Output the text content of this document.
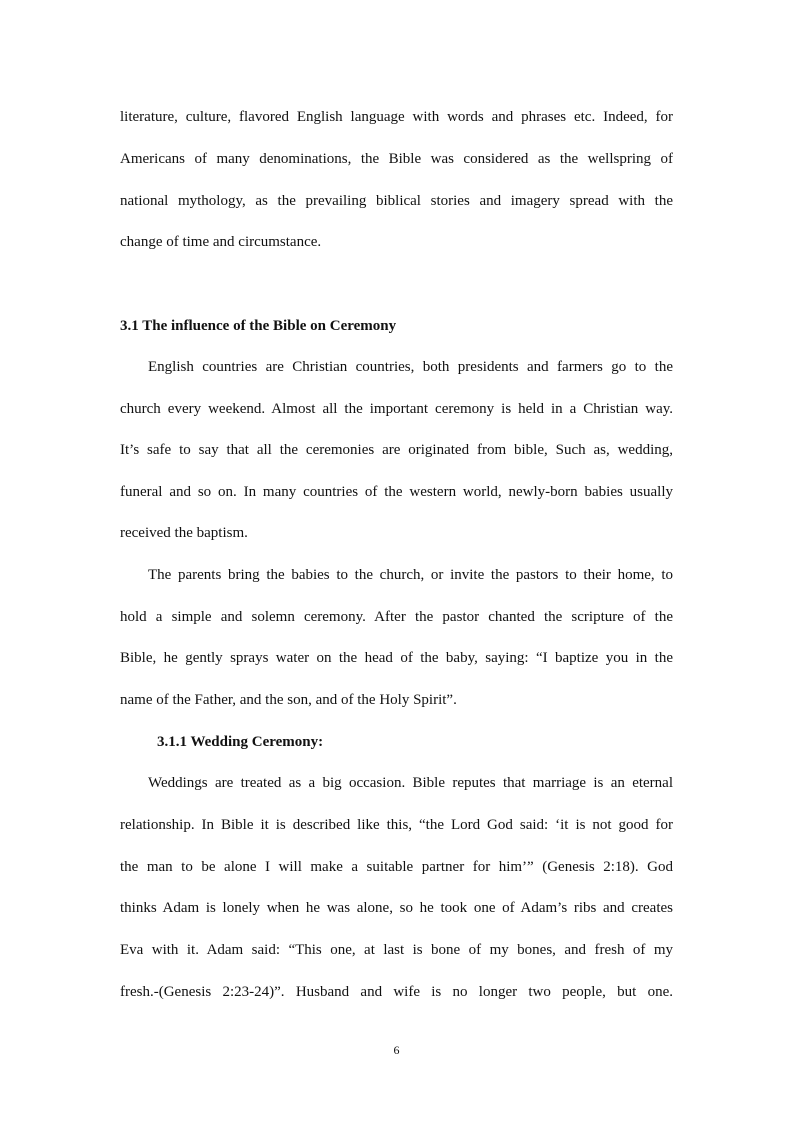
literature, culture, flavored English language with words and phrases etc. Indeed, for
Americans of many denominations, the Bible was considered as the wellspring of
national mythology, as the prevailing biblical stories and imagery spread with the
change of time and circumstance.
3.1 The influence of the Bible on Ceremony
English countries are Christian countries, both presidents and farmers go to the
church every weekend. Almost all the important ceremony is held in a Christian way.
It’s safe to say that all the ceremonies are originated from bible, Such as, wedding,
funeral and so on. In many countries of the western world, newly-born babies usually
received the baptism.
The parents bring the babies to the church, or invite the pastors to their home, to
hold a simple and solemn ceremony. After the pastor chanted the scripture of the
Bible, he gently sprays water on the head of the baby, saying: “I baptize you in the
name of the Father, and the son, and of the Holy Spirit”.
3.1.1 Wedding Ceremony:
Weddings are treated as a big occasion. Bible reputes that marriage is an eternal
relationship. In Bible it is described like this, “the Lord God said: ‘it is not good for
the man to be alone I will make a suitable partner for him’” (Genesis 2:18). God
thinks Adam is lonely when he was alone, so he took one of Adam’s ribs and creates
Eva with it. Adam said: “This one, at last is bone of my bones, and fresh of my
fresh.-(Genesis 2:23-24)”. Husband and wife is no longer two people, but one.
6
